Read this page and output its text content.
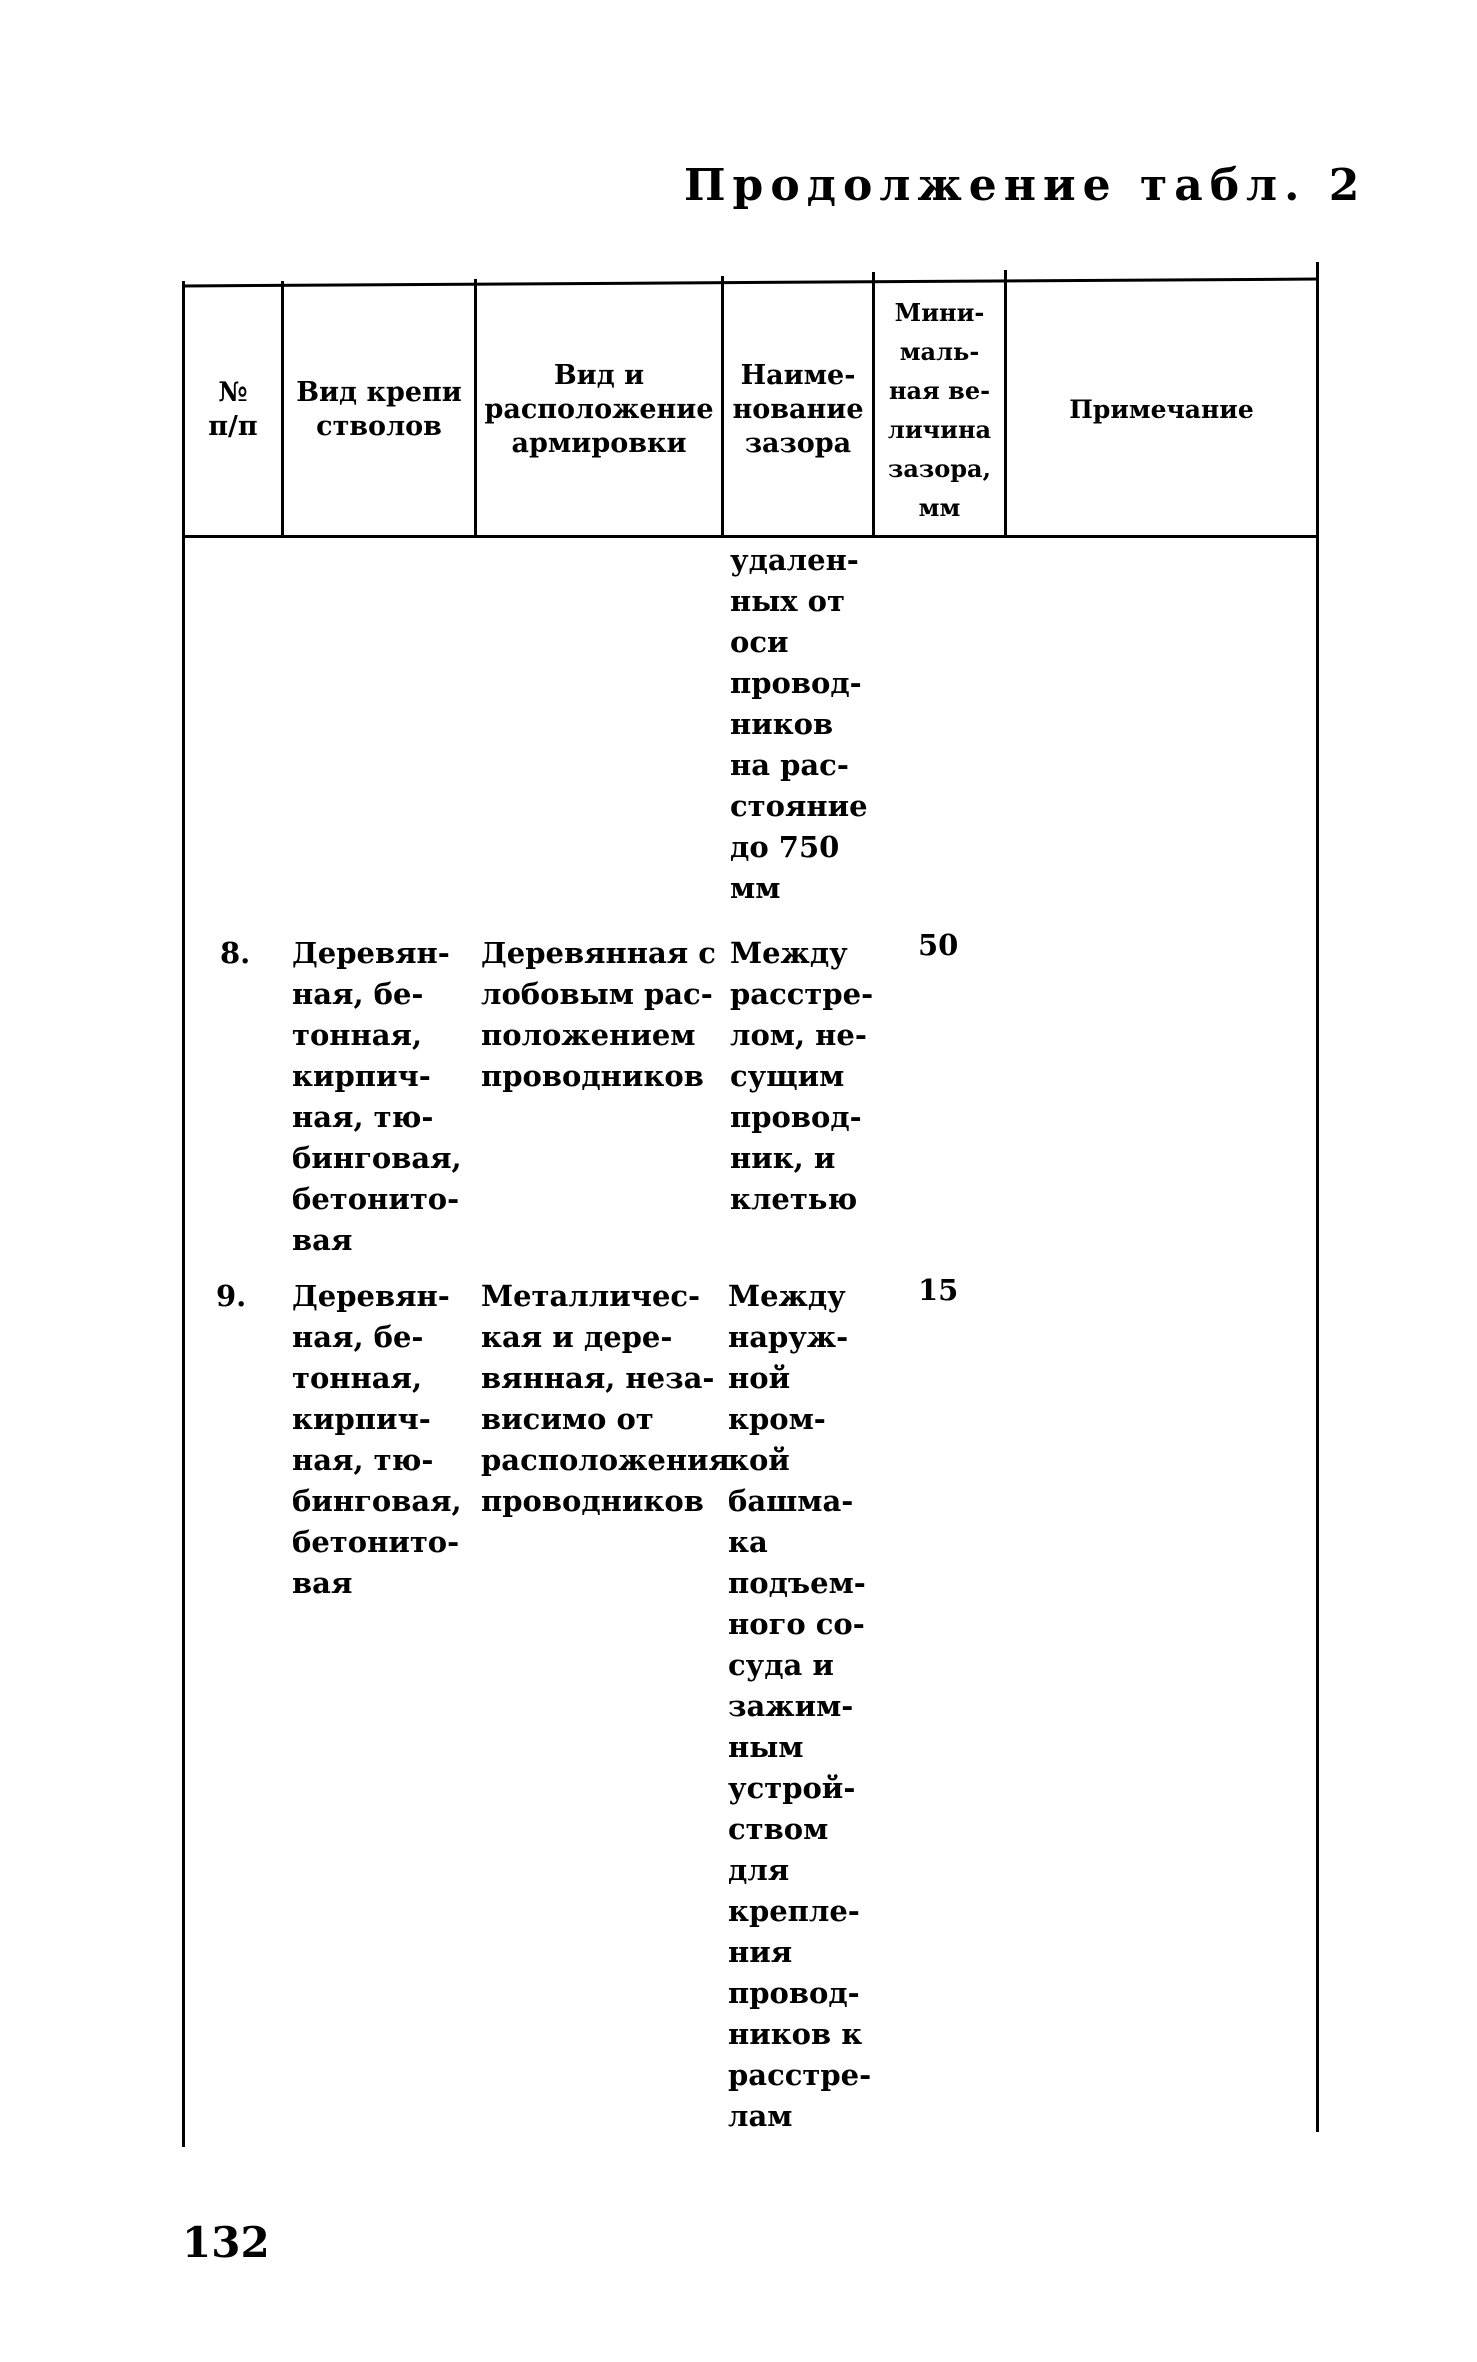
Продолжение табл. 2
№
п/п
Вид крепи
стволов
Вид и
расположение
армировки
Наиме-
нование
зазора
Мини-
маль-
ная ве-
личина
зазора,
мм
Примечание
удален-
ных от
оси
провод-
ников
на рас-
стояние
до 750
мм
8. Деревян-
ная, бе-
тонная,
кирпич-
ная, тю-
бинговая,
бетонито-
вая
Деревянная с
лобовым рас-
положением
проводников
Между
расстре-
лом, не-
сущим
провод-
ник, и
клетью
50
9. Деревян-
ная, бе-
тонная,
кирпич-
ная, тю-
бинговая,
бетонито-
вая
Металличес-
кая и дере-
вянная, неза-
висимо от
расположения
проводников
Между
наруж-
ной
кром-
кой
башма-
ка
подъем-
ного со-
суда и
зажим-
ным
устрой-
ством
для
крепле-
ния
провод-
ников к
расстре-
лам
15
132
